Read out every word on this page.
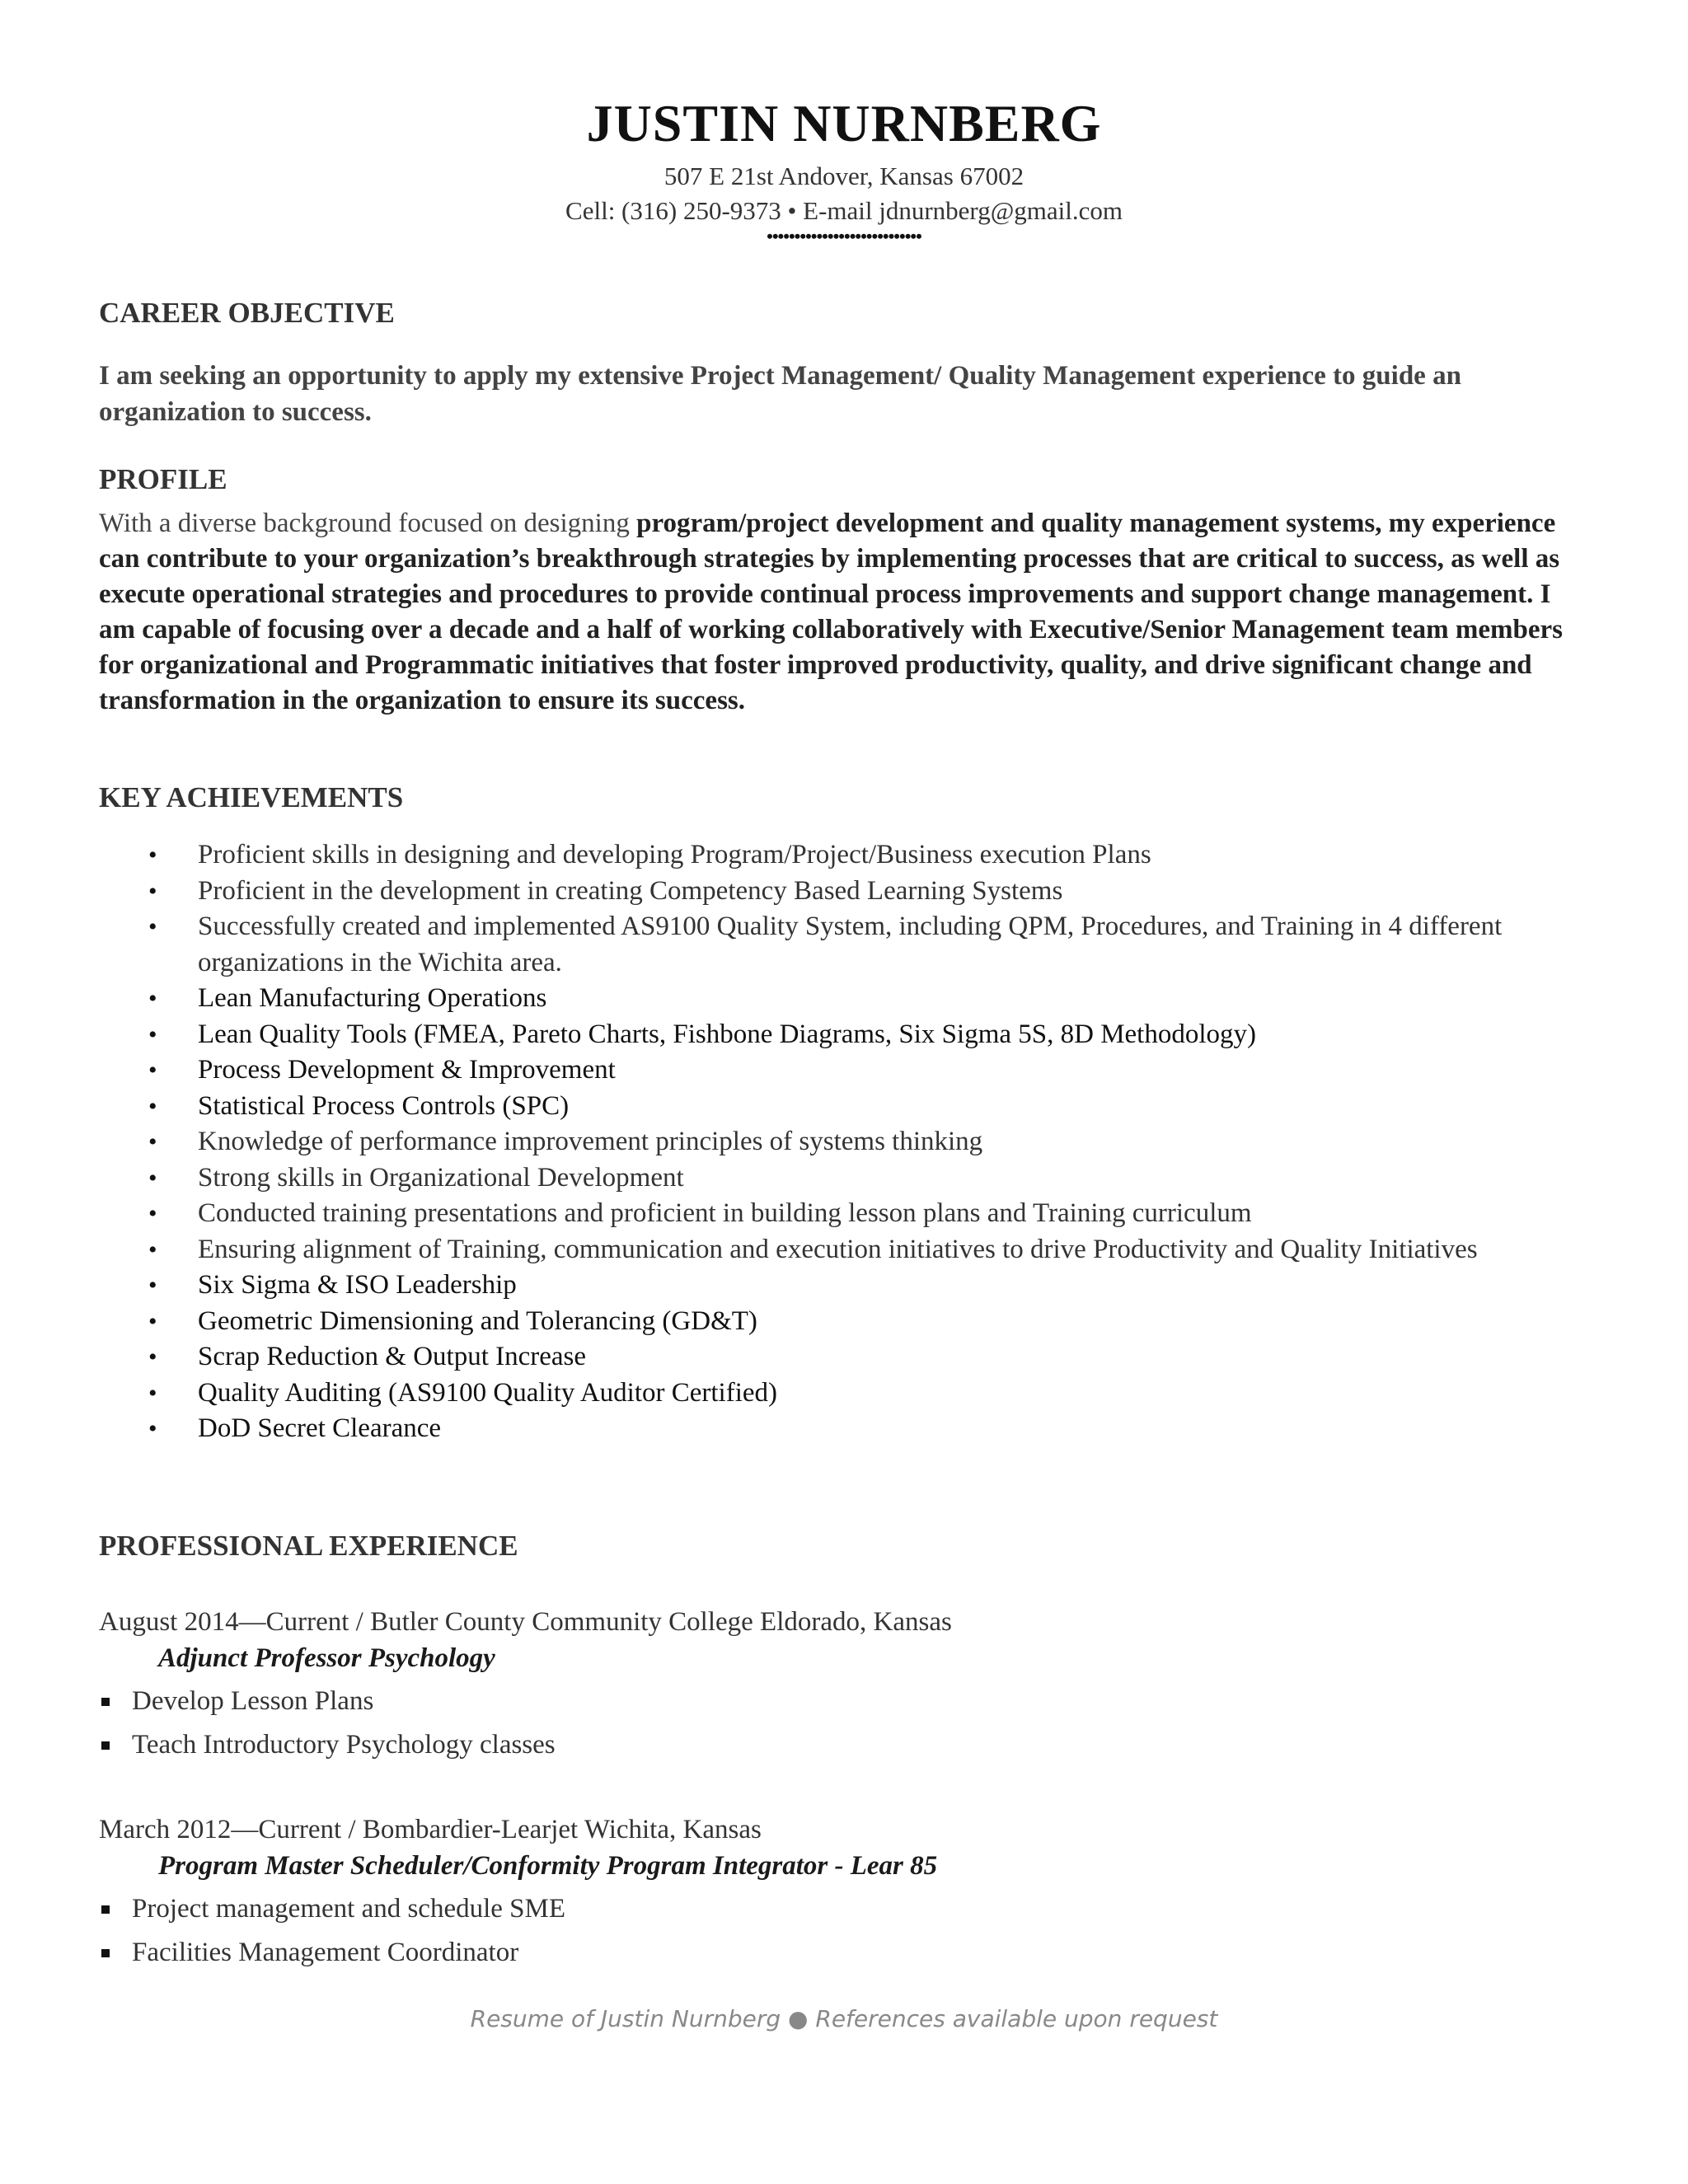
JUSTIN NURNBERG
507 E 21st Andover, Kansas 67002
Cell: (316) 250-9373 • E-mail jdnurnberg@gmail.com
••••••••••••••••••••••••••••
CAREER OBJECTIVE
I am seeking an opportunity to apply my extensive Project Management/ Quality Management experience to guide an organization to success.
PROFILE
With a diverse background focused on designing program/project development and quality management systems, my experience can contribute to your organization’s breakthrough strategies by implementing processes that are critical to success, as well as execute operational strategies and procedures to provide continual process improvements and support change management. I am capable of focusing over a decade and a half of working collaboratively with Executive/Senior Management team members for organizational and Programmatic initiatives that foster improved productivity, quality, and drive significant change and transformation in the organization to ensure its success.
KEY ACHIEVEMENTS
• Proficient skills in designing and developing Program/Project/Business execution Plans
• Proficient in the development in creating Competency Based Learning Systems
• Successfully created and implemented AS9100 Quality System, including QPM, Procedures, and Training in 4 different organizations in the Wichita area.
• Lean Manufacturing Operations
• Lean Quality Tools (FMEA, Pareto Charts, Fishbone Diagrams, Six Sigma 5S, 8D Methodology)
• Process Development & Improvement
• Statistical Process Controls (SPC)
• Knowledge of performance improvement principles of systems thinking
• Strong skills in Organizational Development
• Conducted training presentations and proficient in building lesson plans and Training curriculum
• Ensuring alignment of Training, communication and execution initiatives to drive Productivity and Quality Initiatives
• Six Sigma & ISO Leadership
• Geometric Dimensioning and Tolerancing (GD&T)
• Scrap Reduction & Output Increase
• Quality Auditing (AS9100 Quality Auditor Certified)
• DoD Secret Clearance
PROFESSIONAL EXPERIENCE
August 2014—Current / Butler County Community College Eldorado, Kansas
Adjunct Professor Psychology
Develop Lesson Plans
Teach Introductory Psychology classes
March 2012—Current / Bombardier-Learjet Wichita, Kansas
Program Master Scheduler/Conformity Program Integrator - Lear 85
Project management and schedule SME
Facilities Management Coordinator
Resume of Justin Nurnberg ● References available upon request
